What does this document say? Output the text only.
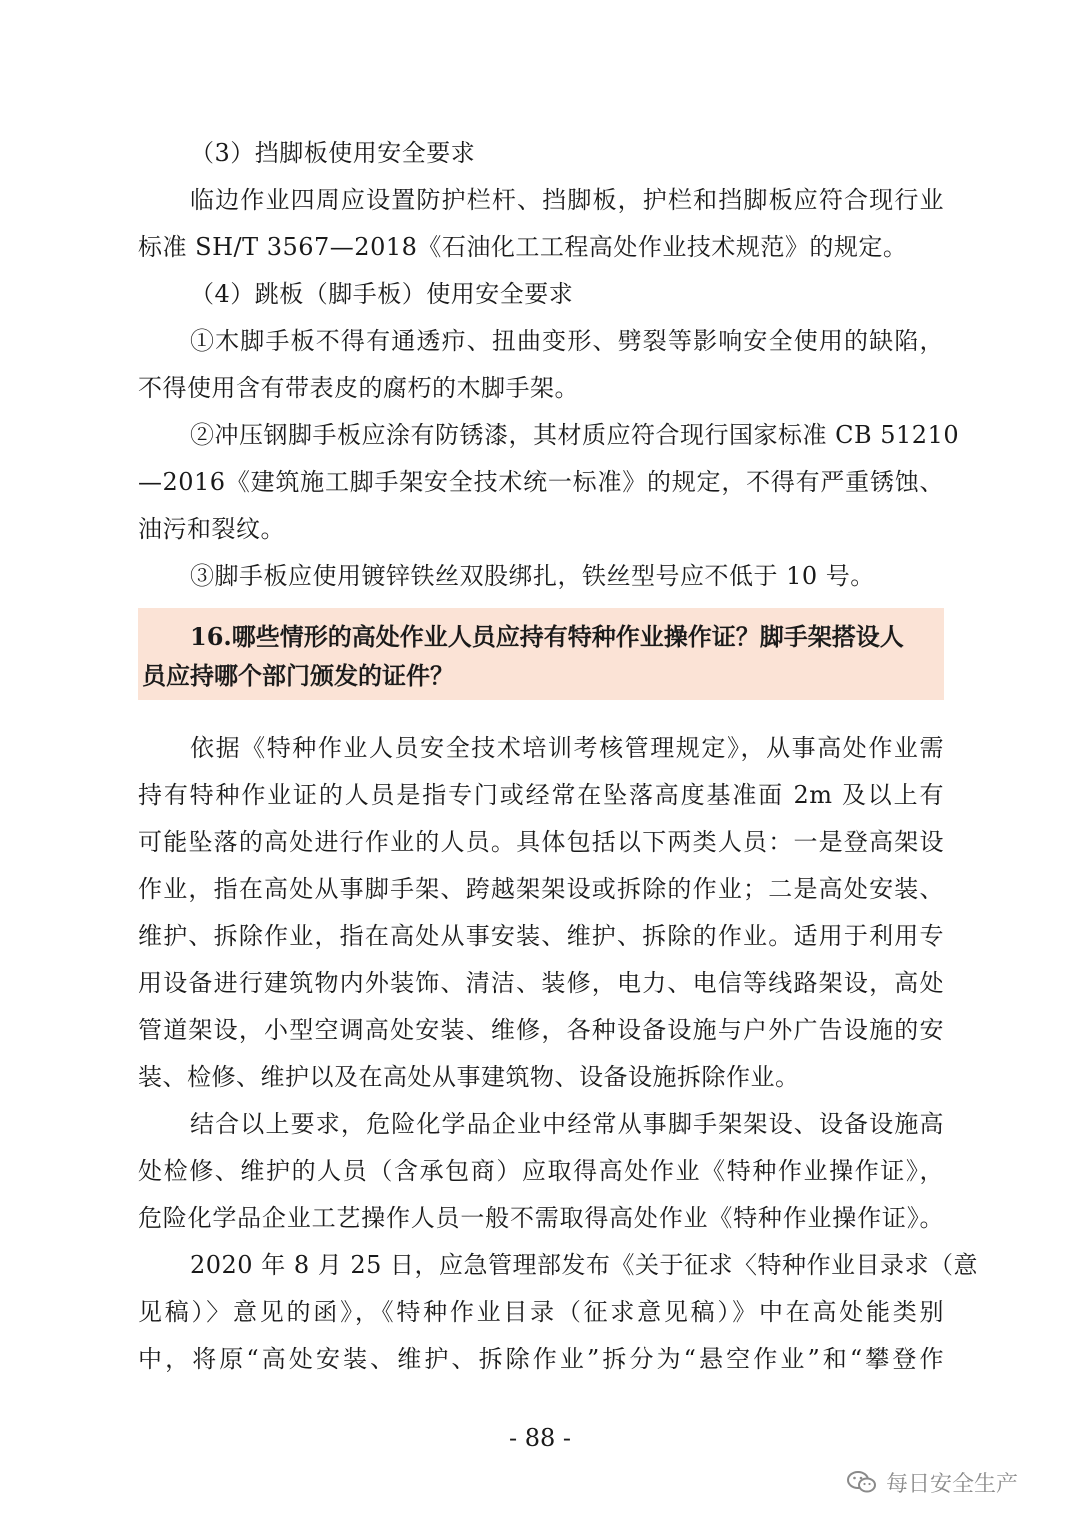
（3）挡脚板使用安全要求
临边作业四周应设置防护栏杆、挡脚板，护栏和挡脚板应符合现行业
标准 SH/T 3567—2018《石油化工工程高处作业技术规范》的规定。
（4）跳板（脚手板）使用安全要求
①木脚手板不得有通透疖、扭曲变形、劈裂等影响安全使用的缺陷，
不得使用含有带表皮的腐朽的木脚手架。
②冲压钢脚手板应涂有防锈漆，其材质应符合现行国家标准 CB 51210
—2016《建筑施工脚手架安全技术统一标准》的规定，不得有严重锈蚀、
油污和裂纹。
③脚手板应使用镀锌铁丝双股绑扎，铁丝型号应不低于 10 号。
16.哪些情形的高处作业人员应持有特种作业操作证？脚手架搭设人
员应持哪个部门颁发的证件？
依据《特种作业人员安全技术培训考核管理规定》，从事高处作业需
持有特种作业证的人员是指专门或经常在坠落高度基准面 2m 及以上有
可能坠落的高处进行作业的人员。具体包括以下两类人员：一是登高架设
作业，指在高处从事脚手架、跨越架架设或拆除的作业；二是高处安装、
维护、拆除作业，指在高处从事安装、维护、拆除的作业。适用于利用专
用设备进行建筑物内外装饰、清洁、装修，电力、电信等线路架设，高处
管道架设，小型空调高处安装、维修，各种设备设施与户外广告设施的安
装、检修、维护以及在高处从事建筑物、设备设施拆除作业。
结合以上要求，危险化学品企业中经常从事脚手架架设、设备设施高
处检修、维护的人员（含承包商）应取得高处作业《特种作业操作证》，
危险化学品企业工艺操作人员一般不需取得高处作业《特种作业操作证》。
2020 年 8 月 25 日，应急管理部发布《关于征求〈特种作业目录求（意
见稿）〉意见的函》，《特种作业目录（征求意见稿）》中在高处能类别
中，将原“高处安装、维护、拆除作业”拆分为“悬空作业”和“攀登作
- 88 -
每日安全生产
